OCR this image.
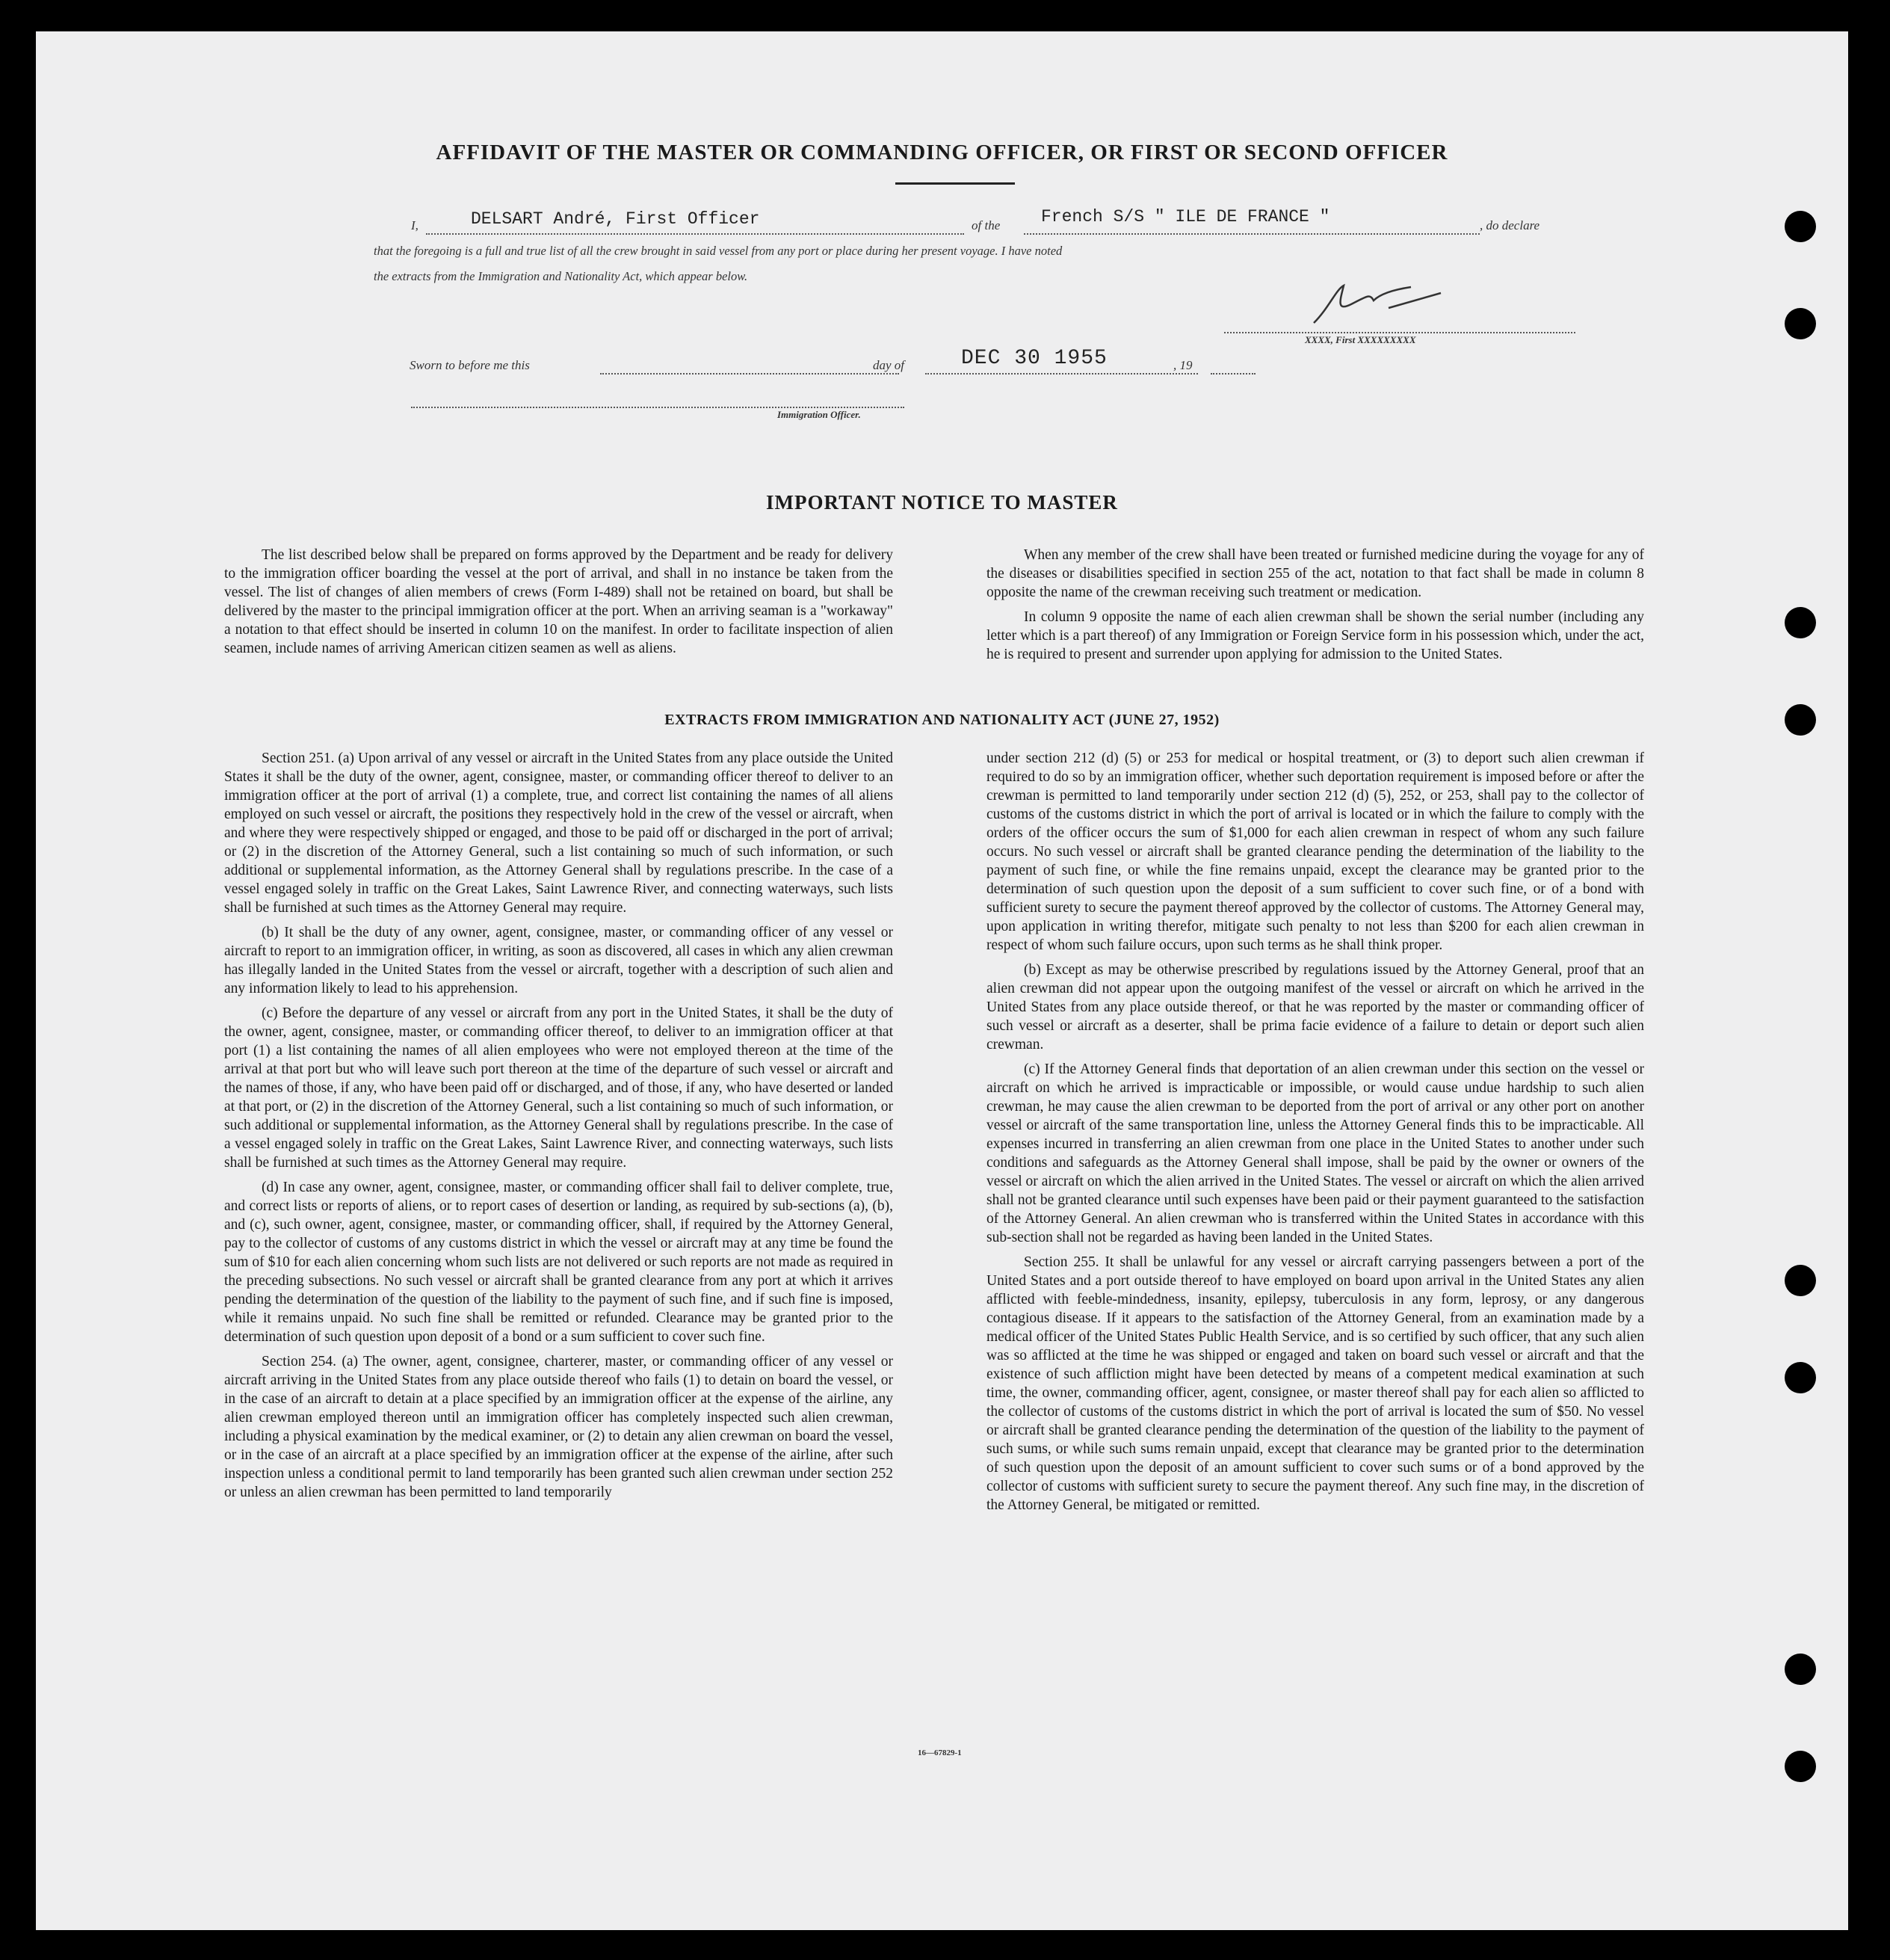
AFFIDAVIT OF THE MASTER OR COMMANDING OFFICER, OR FIRST OR SECOND OFFICER
I,	DELSART André, First Officer	of the French S/S " ILE DE FRANCE "	, do declare
that the foregoing is a full and true list of all the crew brought in said vessel from any port or place during her present voyage. I have noted
the extracts from the Immigration and Nationality Act, which appear below.
XXXX, First XXXXXXXXX
Sworn to before me this	day of	DEC 30 1955	, 19
Immigration Officer.
IMPORTANT NOTICE TO MASTER

The list described below shall be prepared on forms approved by the Department and be ready for delivery to the immigration officer boarding the vessel at the port of arrival, and shall in no instance be taken from the vessel. The list of changes of alien members of crews (Form I-489) shall not be retained on board, but shall be delivered by the master to the principal immigration officer at the port. When an arriving seaman is a "workaway" a notation to that effect should be inserted in column 10 on the manifest. In order to facilitate inspection of alien seamen, include names of arriving American citizen seamen as well as aliens.

When any member of the crew shall have been treated or furnished medicine during the voyage for any of the diseases or disabilities specified in section 255 of the act, notation to that fact shall be made in column 8 opposite the name of the crewman receiving such treatment or medication.

In column 9 opposite the name of each alien crewman shall be shown the serial number (including any letter which is a part thereof) of any Immigration or Foreign Service form in his possession which, under the act, he is required to present and surrender upon applying for admission to the United States.

EXTRACTS FROM IMMIGRATION AND NATIONALITY ACT (JUNE 27, 1952)

Section 251. (a) Upon arrival of any vessel or aircraft in the United States from any place outside the United States it shall be the duty of the owner, agent, consignee, master, or commanding officer thereof to deliver to an immigration officer at the port of arrival (1) a complete, true, and correct list containing the names of all aliens employed on such vessel or aircraft, the positions they respectively hold in the crew of the vessel or aircraft, when and where they were respectively shipped or engaged, and those to be paid off or discharged in the port of arrival; or (2) in the discretion of the Attorney General, such a list containing so much of such information, or such additional or supplemental information, as the Attorney General shall by regulations prescribe. In the case of a vessel engaged solely in traffic on the Great Lakes, Saint Lawrence River, and connecting waterways, such lists shall be furnished at such times as the Attorney General may require.

(b) It shall be the duty of any owner, agent, consignee, master, or commanding officer of any vessel or aircraft to report to an immigration officer, in writing, as soon as discovered, all cases in which any alien crewman has illegally landed in the United States from the vessel or aircraft, together with a description of such alien and any information likely to lead to his apprehension.

(c) Before the departure of any vessel or aircraft from any port in the United States, it shall be the duty of the owner, agent, consignee, master, or commanding officer thereof, to deliver to an immigration officer at that port (1) a list containing the names of all alien employees who were not employed thereon at the time of the arrival at that port but who will leave such port thereon at the time of the departure of such vessel or aircraft and the names of those, if any, who have been paid off or discharged, and of those, if any, who have deserted or landed at that port, or (2) in the discretion of the Attorney General, such a list containing so much of such information, or such additional or supplemental information, as the Attorney General shall by regulations prescribe. In the case of a vessel engaged solely in traffic on the Great Lakes, Saint Lawrence River, and connecting waterways, such lists shall be furnished at such times as the Attorney General may require.

(d) In case any owner, agent, consignee, master, or commanding officer shall fail to deliver complete, true, and correct lists or reports of aliens, or to report cases of desertion or landing, as required by sub-sections (a), (b), and (c), such owner, agent, consignee, master, or commanding officer, shall, if required by the Attorney General, pay to the collector of customs of any customs district in which the vessel or aircraft may at any time be found the sum of $10 for each alien concerning whom such lists are not delivered or such reports are not made as required in the preceding subsections. No such vessel or aircraft shall be granted clearance from any port at which it arrives pending the determination of the question of the liability to the payment of such fine, and if such fine is imposed, while it remains unpaid. No such fine shall be remitted or refunded. Clearance may be granted prior to the determination of such question upon deposit of a bond or a sum sufficient to cover such fine.

Section 254. (a) The owner, agent, consignee, charterer, master, or commanding officer of any vessel or aircraft arriving in the United States from any place outside thereof who fails (1) to detain on board the vessel, or in the case of an aircraft to detain at a place specified by an immigration officer at the expense of the airline, any alien crewman employed thereon until an immigration officer has completely inspected such alien crewman, including a physical examination by the medical examiner, or (2) to detain any alien crewman on board the vessel, or in the case of an aircraft at a place specified by an immigration officer at the expense of the airline, after such inspection unless a conditional permit to land temporarily has been granted such alien crewman under section 252 or unless an alien crewman has been permitted to land temporarily

under section 212 (d) (5) or 253 for medical or hospital treatment, or (3) to deport such alien crewman if required to do so by an immigration officer, whether such deportation requirement is imposed before or after the crewman is permitted to land temporarily under section 212 (d) (5), 252, or 253, shall pay to the collector of customs of the customs district in which the port of arrival is located or in which the failure to comply with the orders of the officer occurs the sum of $1,000 for each alien crewman in respect of whom any such failure occurs. No such vessel or aircraft shall be granted clearance pending the determination of the liability to the payment of such fine, or while the fine remains unpaid, except the clearance may be granted prior to the determination of such question upon the deposit of a sum sufficient to cover such fine, or of a bond with sufficient surety to secure the payment thereof approved by the collector of customs. The Attorney General may, upon application in writing therefor, mitigate such penalty to not less than $200 for each alien crewman in respect of whom such failure occurs, upon such terms as he shall think proper.

(b) Except as may be otherwise prescribed by regulations issued by the Attorney General, proof that an alien crewman did not appear upon the outgoing manifest of the vessel or aircraft on which he arrived in the United States from any place outside thereof, or that he was reported by the master or commanding officer of such vessel or aircraft as a deserter, shall be prima facie evidence of a failure to detain or deport such alien crewman.

(c) If the Attorney General finds that deportation of an alien crewman under this section on the vessel or aircraft on which he arrived is impracticable or impossible, or would cause undue hardship to such alien crewman, he may cause the alien crewman to be deported from the port of arrival or any other port on another vessel or aircraft of the same transportation line, unless the Attorney General finds this to be impracticable. All expenses incurred in transferring an alien crewman from one place in the United States to another under such conditions and safeguards as the Attorney General shall impose, shall be paid by the owner or owners of the vessel or aircraft on which the alien arrived in the United States. The vessel or aircraft on which the alien arrived shall not be granted clearance until such expenses have been paid or their payment guaranteed to the satisfaction of the Attorney General. An alien crewman who is transferred within the United States in accordance with this sub-section shall not be regarded as having been landed in the United States.

Section 255. It shall be unlawful for any vessel or aircraft carrying passengers between a port of the United States and a port outside thereof to have employed on board upon arrival in the United States any alien afflicted with feeble-mindedness, insanity, epilepsy, tuberculosis in any form, leprosy, or any dangerous contagious disease. If it appears to the satisfaction of the Attorney General, from an examination made by a medical officer of the United States Public Health Service, and is so certified by such officer, that any such alien was so afflicted at the time he was shipped or engaged and taken on board such vessel or aircraft and that the existence of such affliction might have been detected by means of a competent medical examination at such time, the owner, commanding officer, agent, consignee, or master thereof shall pay for each alien so afflicted to the collector of customs of the customs district in which the port of arrival is located the sum of $50. No vessel or aircraft shall be granted clearance pending the determination of the question of the liability to the payment of such sums, or while such sums remain unpaid, except that clearance may be granted prior to the determination of such question upon the deposit of an amount sufficient to cover such sums or of a bond approved by the collector of customs with sufficient surety to secure the payment thereof. Any such fine may, in the discretion of the Attorney General, be mitigated or remitted.

16—67829-1
